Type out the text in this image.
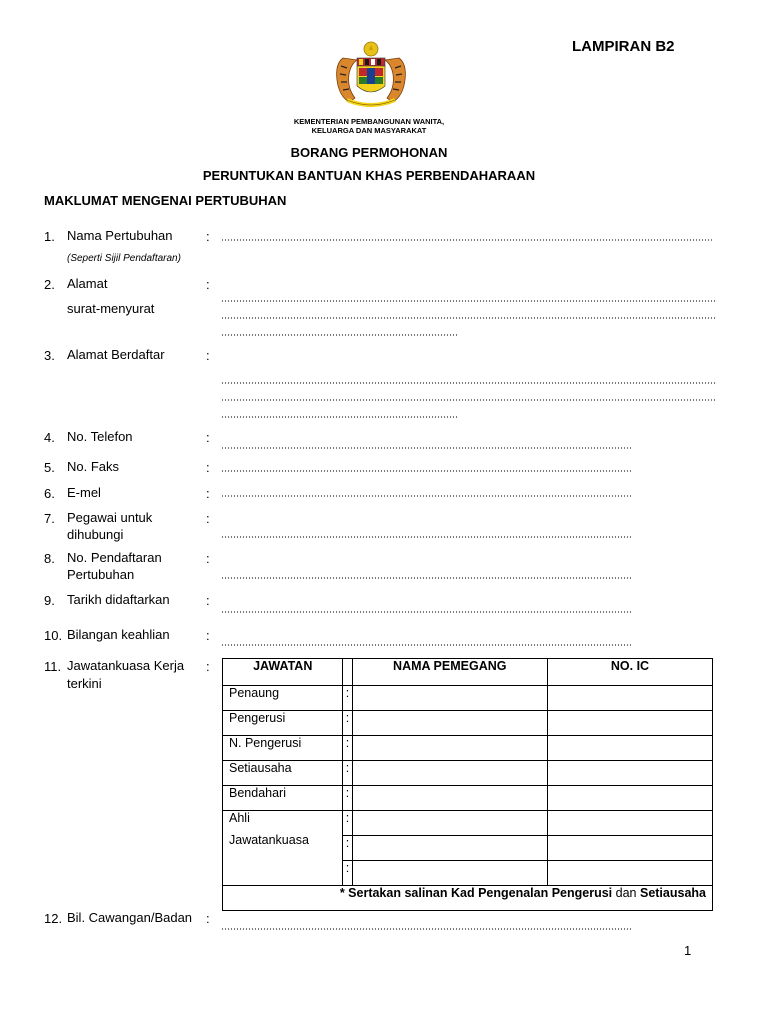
LAMPIRAN B2
KEMENTERIAN PEMBANGUNAN WANITA,
KELUARGA DAN MASYARAKAT
BORANG PERMOHONAN
PERUNTUKAN BANTUAN KHAS PERBENDAHARAAN
MAKLUMAT MENGENAI PERTUBUHAN
1. Nama Pertubuhan
(Seperti Sijil Pendaftaran)
:
2. Alamat
surat-menyurat
:
3. Alamat Berdaftar	:
4. No. Telefon	:
5. No. Faks	:
6. E-mel	:
7. Pegawai untuk
dihubungi
:
8. No. Pendaftaran
Pertubuhan
:
9. Tarikh didaftarkan	:
10. Bilangan keahlian	:
11. Jawatankuasa Kerja
terkini
:	JAWATAN		NAMA PEMEGANG	NO. IC
Penaung	:		
Pengerusi	:		
N. Pengerusi	:		
Setiausaha	:		
Bendahari	:		

Ahli
Jawatankuasa	:		
	:		
	:		
* Sertakan salinan Kad Pengenalan Pengerusi dan Setiausaha			
12. Bil. Cawangan/Badan :
1
